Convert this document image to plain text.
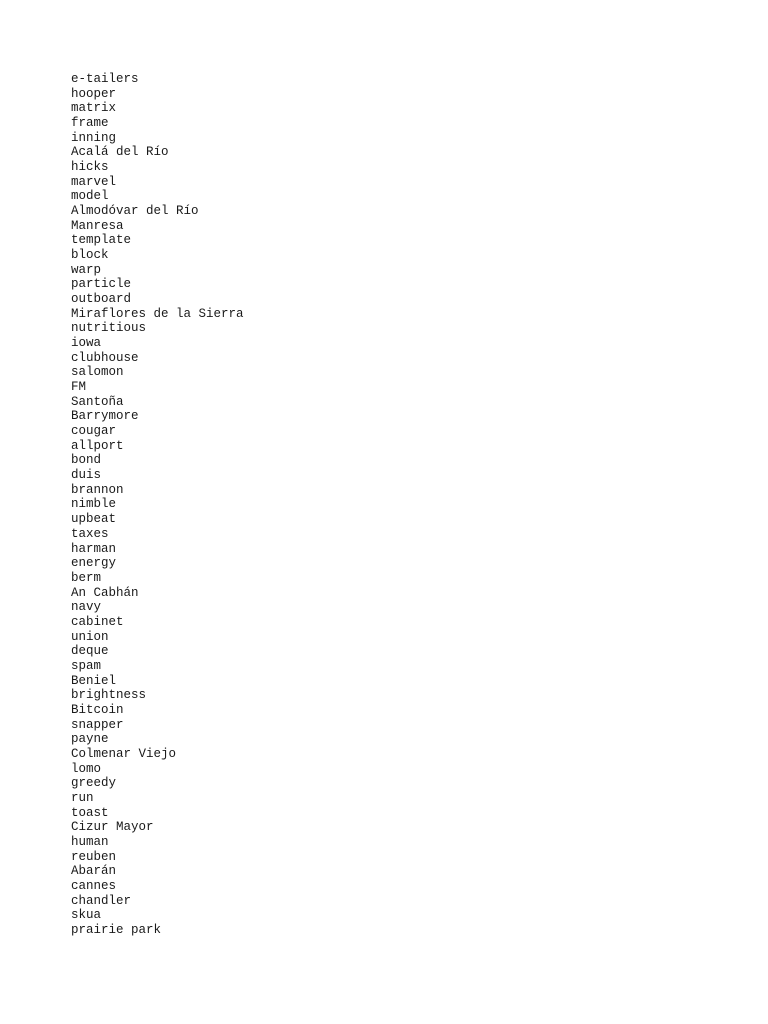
e-tailers
hooper
matrix
frame
inning
Acalá del Río
hicks
marvel
model
Almodóvar del Río
Manresa
template
block
warp
particle
outboard
Miraflores de la Sierra
nutritious
iowa
clubhouse
salomon
FM
Santoña
Barrymore
cougar
allport
bond
duis
brannon
nimble
upbeat
taxes
harman
energy
berm
An Cabhán
navy
cabinet
union
deque
spam
Beniel
brightness
Bitcoin
snapper
payne
Colmenar Viejo
lomo
greedy
run
toast
Cizur Mayor
human
reuben
Abarán
cannes
chandler
skua
prairie park
